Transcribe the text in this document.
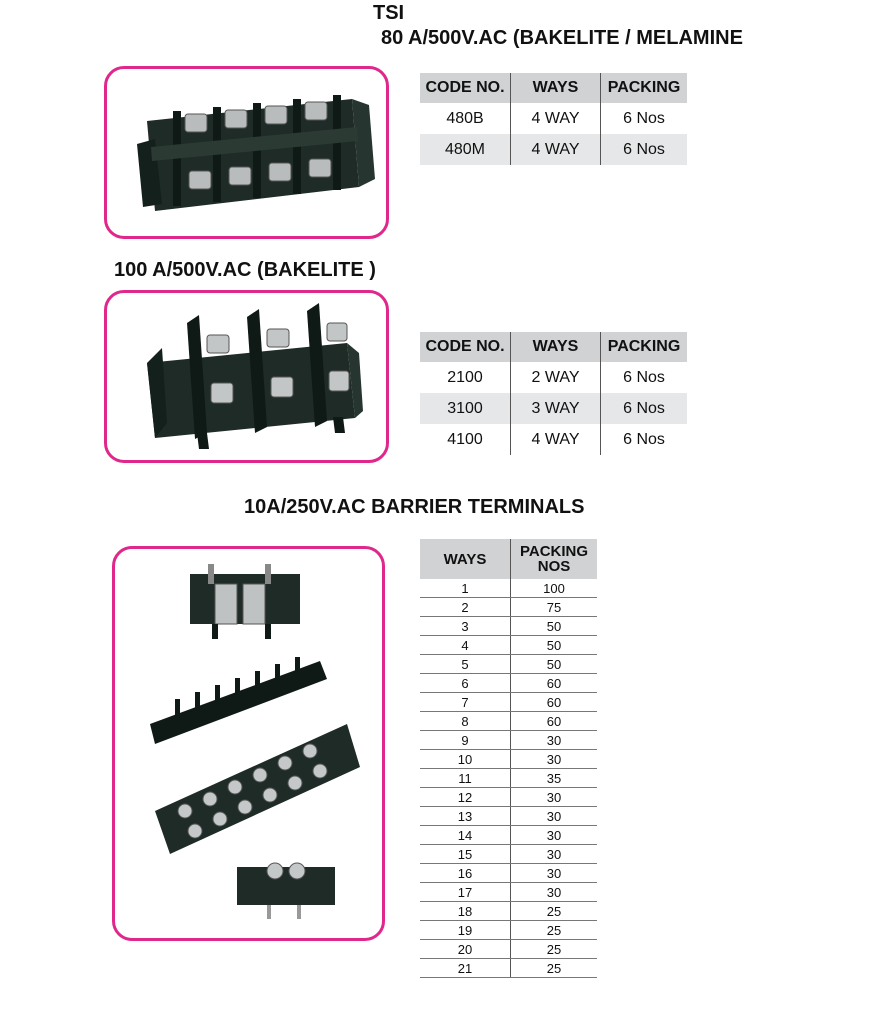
TSI
80 A/500V.AC (BAKELITE / MELAMINE
CODE NO.	WAYS	PACKING
480B	4 WAY	6 Nos
480M	4 WAY	6 Nos
100 A/500V.AC (BAKELITE )
CODE NO.	WAYS	PACKING
2100	2 WAY	6 Nos
3100	3 WAY	6 Nos
4100	4 WAY	6 Nos
10A/250V.AC BARRIER TERMINALS
WAYS	PACKING
NOS
1	100
2	75
3	50
4	50
5	50
6	60
7	60
8	60
9	30
10	30
11	35
12	30
13	30
14	30
15	30
16	30
17	30
18	25
19	25
20	25
21	25
